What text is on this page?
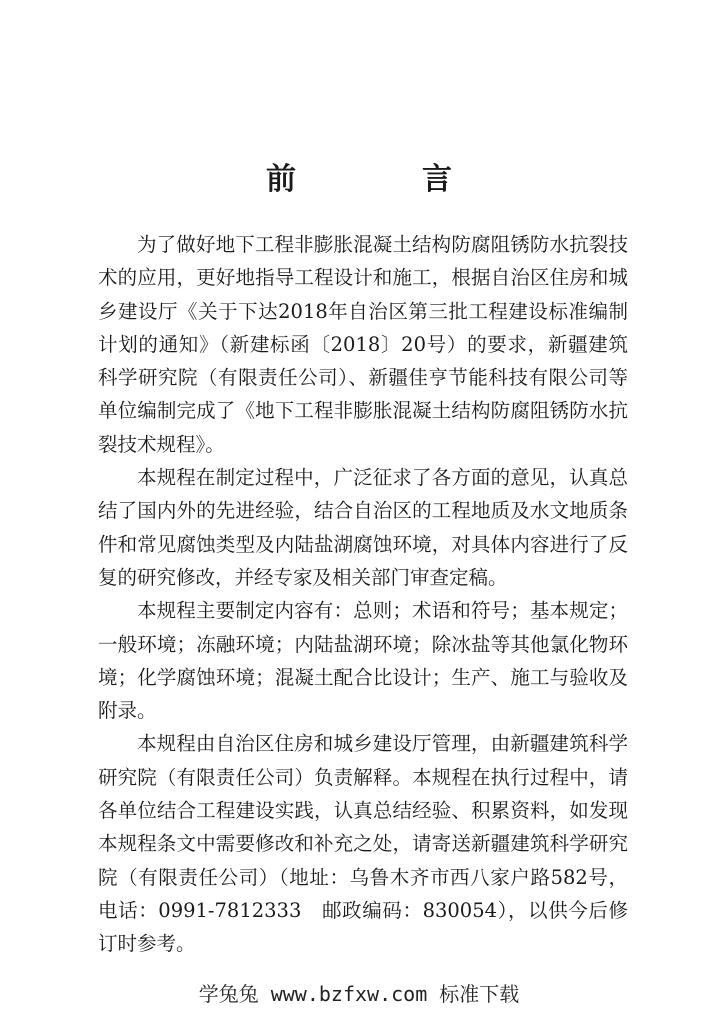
前　言

为了做好地下工程非膨胀混凝土结构防腐阻锈防水抗裂技术的应用，更好地指导工程设计和施工，根据自治区住房和城乡建设厅《关于下达2018年自治区第三批工程建设标准编制计划的通知》（新建标函〔2018〕20号）的要求，新疆建筑科学研究院（有限责任公司）、新疆佳亨节能科技有限公司等单位编制完成了《地下工程非膨胀混凝土结构防腐阻锈防水抗裂技术规程》。

本规程在制定过程中，广泛征求了各方面的意见，认真总结了国内外的先进经验，结合自治区的工程地质及水文地质条件和常见腐蚀类型及内陆盐湖腐蚀环境，对具体内容进行了反复的研究修改，并经专家及相关部门审查定稿。

本规程主要制定内容有：总则；术语和符号；基本规定；一般环境；冻融环境；内陆盐湖环境；除冰盐等其他氯化物环境；化学腐蚀环境；混凝土配合比设计；生产、施工与验收及附录。

本规程由自治区住房和城乡建设厅管理，由新疆建筑科学研究院（有限责任公司）负责解释。本规程在执行过程中，请各单位结合工程建设实践，认真总结经验、积累资料，如发现本规程条文中需要修改和补充之处，请寄送新疆建筑科学研究院（有限责任公司）（地址：乌鲁木齐市西八家户路582号，电话：0991-7812333　邮政编码：830054），以供今后修订时参考。

学兔兔 www.bzfxw.com 标准下载
